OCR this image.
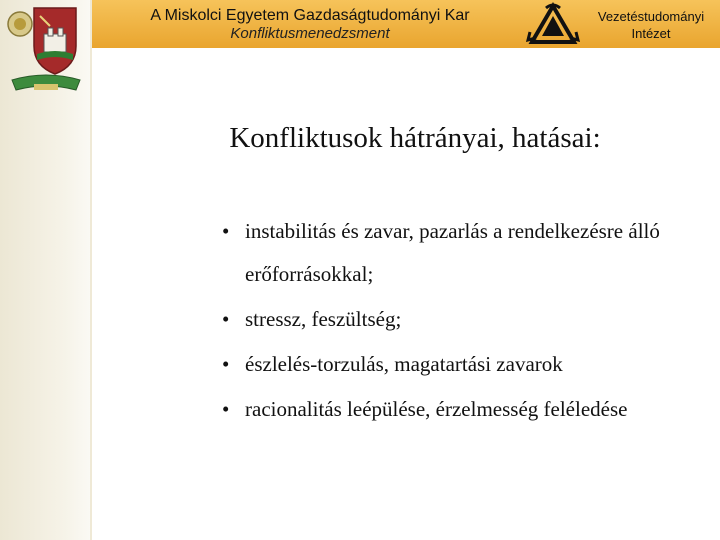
A Miskolci Egyetem Gazdaságtudományi Kar
Konfliktusmenedzsment
Vezetéstudományi
Intézet
Konfliktusok hátrányai, hatásai:
• instabilitás és zavar, pazarlás a rendelkezésre álló erőforrásokkal;
• stressz, feszültség;
• észlelés-torzulás, magatartási zavarok
• racionalitás leépülése, érzelmesség feléledése
